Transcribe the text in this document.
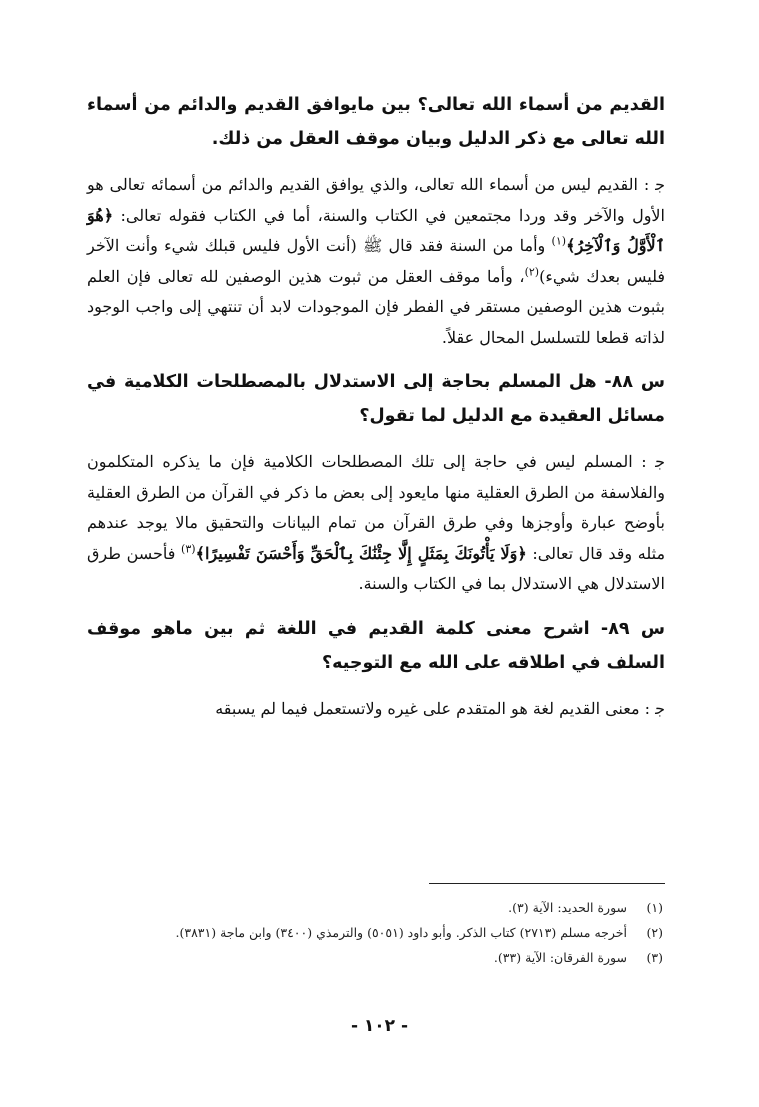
القديم من أسماء الله تعالى؟ بين مايوافق القديم والدائم من أسماء الله تعالى مع ذكر الدليل وبيان موقف العقل من ذلك.

ﺟ : القديم ليس من أسماء الله تعالى، والذي يوافق القديم والدائم من أسمائه تعالى هو الأول والآخر وقد وردا مجتمعين في الكتاب والسنة، أما في الكتاب فقوله تعالى: ﴿هُوَ ٱلْأَوَّلُ وَٱلْآخِرُ﴾$^{(١)}$ وأما من السنة فقد قال ﷺ (أنت الأول فليس قبلك شيء وأنت الآخر فليس بعدك شيء)$^{(٢)}$، وأما موقف العقل من ثبوت هذين الوصفين لله تعالى فإن العلم بثبوت هذين الوصفين مستقر في الفطر فإن الموجودات لابد أن تنتهي إلى واجب الوجود لذاته قطعا للتسلسل المحال عقلاً.

س ٨٨- هل المسلم بحاجة إلى الاستدلال بالمصطلحات الكلامية في مسائل العقيدة مع الدليل لما تقول؟

ﺟ : المسلم ليس في حاجة إلى تلك المصطلحات الكلامية فإن ما يذكره المتكلمون والفلاسفة من الطرق العقلية منها مايعود إلى بعض ما ذكر في القرآن من الطرق العقلية بأوضح عبارة وأوجزها وفي طرق القرآن من تمام البيانات والتحقيق مالا يوجد عندهم مثله وقد قال تعالى: ﴿وَلَا يَأْتُونَكَ بِمَثَلٍ إِلَّا جِئْنَٰكَ بِٱلْحَقِّ وَأَحْسَنَ تَفْسِيرًا﴾$^{(٣)}$ فأحسن طرق الاستدلال هي الاستدلال بما في الكتاب والسنة.

س ٨٩- اشرح معنى كلمة القديم في اللغة ثم بين ماهو موقف السلف في اطلاقه على الله مع التوجيه؟

ﺟ : معنى القديم لغة هو المتقدم على غيره ولاتستعمل فيما لم يسبقه

(١)
سورة الحديد: الآية (٣).
(٢)
أخرجه مسلم (٢٧١٣) كتاب الذكر. وأبو داود (٥٠٥١) والترمذي (٣٤٠٠) وابن ماجة (٣٨٣١).
(٣)
سورة الفرقان: الآية (٣٣).
- ١٠٢ -
